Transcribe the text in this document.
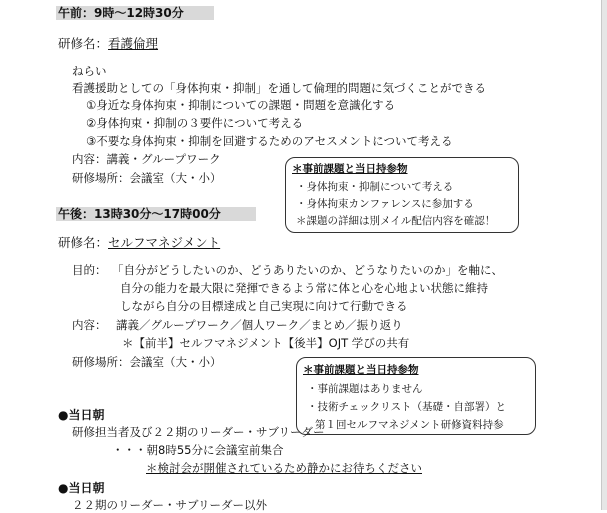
午前：9時～12時30分
研修名：看護倫理
ねらい
看護援助としての「身体拘束・抑制」を通して倫理的問題に気づくことができる
①身近な身体拘束・抑制についての課題・問題を意識化する
②身体拘束・抑制の３要件について考える
③不要な身体拘束・抑制を回避するためのアセスメントについて考える
内容：講義・グループワーク
研修場所：会議室（大・小）
＊事前課題と当日持参物
・身体拘束・抑制について考える
・身体拘束カンファレンスに参加する
＊課題の詳細は別メイル配信内容を確認！
午後：13時30分～17時00分
研修名：セルフマネジメント
目的： 「自分がどうしたいのか、どうありたいのか、どうなりたいのか」を軸に、
自分の能力を最大限に発揮できるよう常に体と心を心地よい状態に維持
しながら自分の目標達成と自己実現に向けて行動できる
内容： 講義／グループワーク／個人ワーク／まとめ／振り返り
＊【前半】セルフマネジメント【後半】OJT 学びの共有
研修場所：会議室（大・小）
＊事前課題と当日持参物
・事前課題はありません
・技術チェックリスト（基礎・自部署）と
第１回セルフマネジメント研修資料持参
●当日朝
研修担当者及び２２期のリーダー・サブリーダー
・・・朝8時55分に会議室前集合
＊検討会が開催されているため静かにお待ちください
●当日朝
２２期のリーダー・サブリーダー以外
